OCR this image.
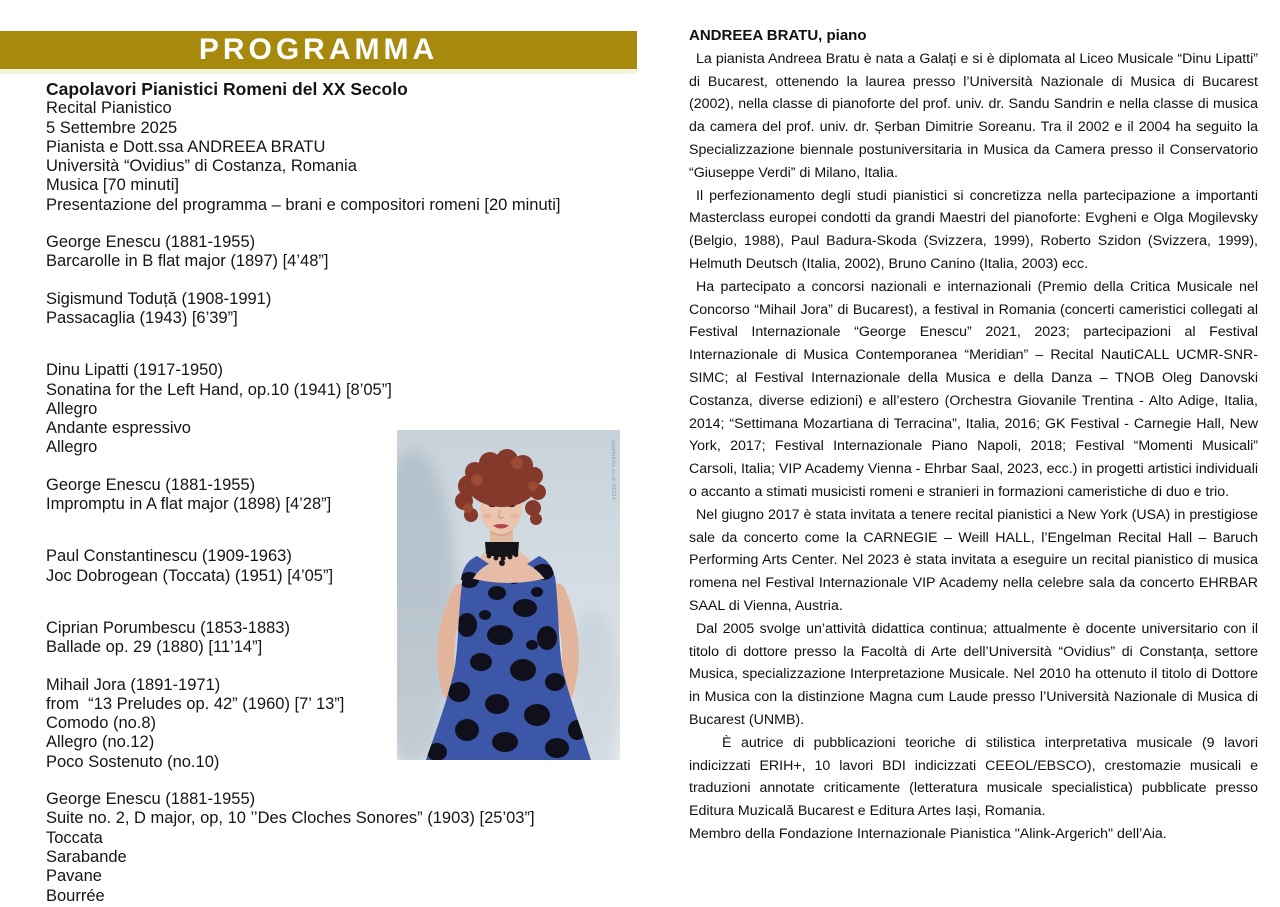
PROGRAMMA
Capolavori Pianistici Romeni del XX Secolo
Recital Pianistico
5 Settembre 2025
Pianista e Dott.ssa ANDREEA BRATU
Università “Ovidius” di Costanza, Romania
Musica [70 minuti]
Presentazione del programma – brani e compositori romeni [20 minuti]
George Enescu (1881-1955)
Barcarolle in B flat major (1897) [4’48”]
Sigismund Toduță (1908-1991)
Passacaglia (1943) [6’39”]
Dinu Lipatti (1917-1950)
Sonatina for the Left Hand, op.10 (1941) [8’05”]
Allegro
Andante espressivo
Allegro
George Enescu (1881-1955)
Impromptu in A flat major (1898) [4’28”]
Paul Constantinescu (1909-1963)
Joc Dobrogean (Toccata) (1951) [4’05”]
Ciprian Porumbescu (1853-1883)
Ballade op. 29 (1880) [11’14”]
Mihail Jora (1891-1971)
from  “13 Preludes op. 42” (1960) [7’ 13”]
Comodo (no.8)
Allegro (no.12)
Poco Sostenuto (no.10)
George Enescu (1881-1955)
Suite no. 2, D major, op, 10 ’’Des Cloches Sonores” (1903) [25’03”]
Toccata
Sarabande
Pavane
Bourrée
gvpstudios.co.uk ©2014
ANDREEA BRATU, piano

La pianista Andreea Bratu è nata a Galați e si è diplomata al Liceo Musicale “Dinu Lipatti” di Bucarest, ottenendo la laurea presso l’Università Nazionale di Musica di Bucarest (2002), nella classe di pianoforte del prof. univ. dr. Sandu Sandrin e nella classe di musica da camera del prof. univ. dr. Șerban Dimitrie Soreanu. Tra il 2002 e il 2004 ha seguito la Specializzazione biennale postuniversitaria in Musica da Camera presso il Conservatorio “Giuseppe Verdi” di Milano, Italia.

Il perfezionamento degli studi pianistici si concretizza nella partecipazione a importanti Masterclass europei condotti da grandi Maestri del pianoforte: Evgheni e Olga Mogilevsky (Belgio, 1988), Paul Badura-Skoda (Svizzera, 1999), Roberto Szidon (Svizzera, 1999), Helmuth Deutsch (Italia, 2002), Bruno Canino (Italia, 2003) ecc.

Ha partecipato a concorsi nazionali e internazionali (Premio della Critica Musicale nel Concorso “Mihail Jora” di Bucarest), a festival in Romania (concerti cameristici collegati al Festival Internazionale “George Enescu” 2021, 2023; partecipazioni al Festival Internazionale di Musica Contemporanea “Meridian” – Recital NautiCALL UCMR-SNR-SIMC; al Festival Internazionale della Musica e della Danza – TNOB Oleg Danovski Costanza, diverse edizioni) e all’estero (Orchestra Giovanile Trentina - Alto Adige, Italia, 2014; “Settimana Mozartiana di Terracina”, Italia, 2016; GK Festival - Carnegie Hall, New York, 2017; Festival Internazionale Piano Napoli, 2018; Festival “Momenti Musicali” Carsoli, Italia; VIP Academy Vienna - Ehrbar Saal, 2023, ecc.) in progetti artistici individuali o accanto a stimati musicisti romeni e stranieri in formazioni cameristiche di duo e trio.

Nel giugno 2017 è stata invitata a tenere recital pianistici a New York (USA) in prestigiose sale da concerto come la CARNEGIE – Weill HALL, l’Engelman Recital Hall – Baruch Performing Arts Center. Nel 2023 è stata invitata a eseguire un recital pianistico di musica romena nel Festival Internazionale VIP Academy nella celebre sala da concerto EHRBAR SAAL di Vienna, Austria.

Dal 2005 svolge un’attività didattica continua; attualmente è docente universitario con il titolo di dottore presso la Facoltà di Arte dell’Università “Ovidius” di Constanța, settore Musica, specializzazione Interpretazione Musicale. Nel 2010 ha ottenuto il titolo di Dottore in Musica con la distinzione Magna cum Laude presso l’Università Nazionale di Musica di Bucarest (UNMB).

È autrice di pubblicazioni teoriche di stilistica interpretativa musicale (9 lavori indicizzati ERIH+, 10 lavori BDI indicizzati CEEOL/EBSCO), crestomazie musicali e traduzioni annotate criticamente (letteratura musicale specialistica) pubblicate presso Editura Muzicală Bucarest e Editura Artes Iași, Romania.

Membro della Fondazione Internazionale Pianistica "Alink-Argerich" dell’Aia.
